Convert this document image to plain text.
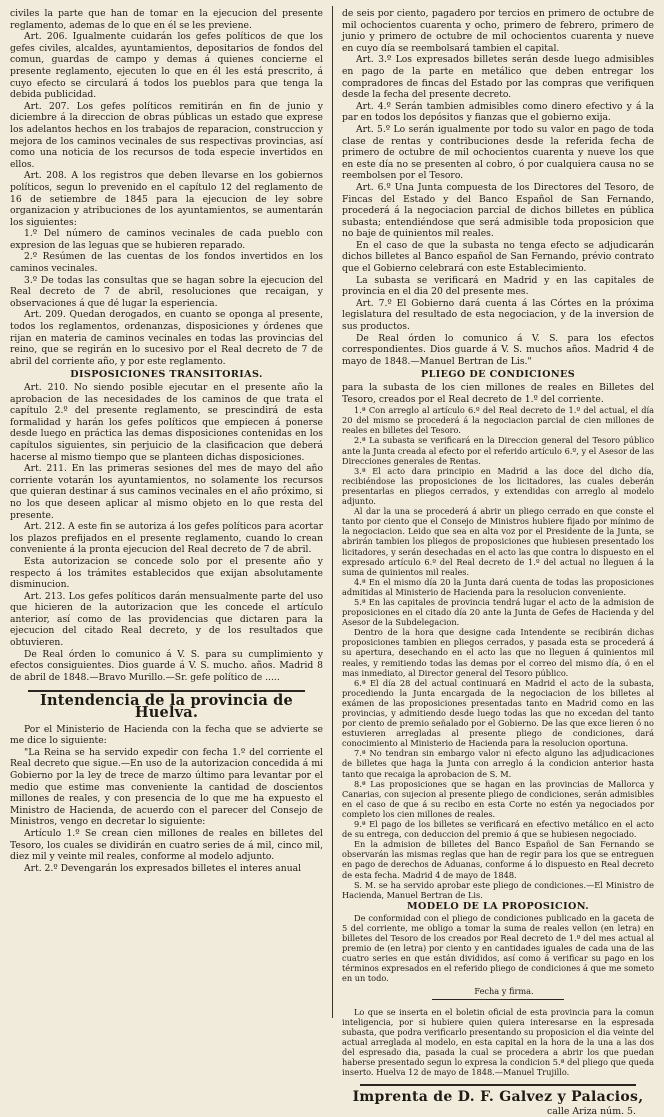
civiles la parte que han de tomar en la ejecucion del presente reglamento, ademas de lo que en él se les previene.

Art. 206. Igualmente cuidarán los gefes políticos de que los gefes civiles, alcaldes, ayuntamientos, depositarios de fondos del comun, guardas de campo y demas á quienes concierne el presente reglamento, ejecuten lo que en él les está prescrito, á cuyo efecto se circulará á todos los pueblos para que tenga la debida publicidad.

Art. 207. Los gefes políticos remitirán en fin de junio y diciembre á la direccion de obras públicas un estado que exprese los adelantos hechos en los trabajos de reparacion, construccion y mejora de los caminos vecinales de sus respectivas provincias, así como una noticia de los recursos de toda especie invertidos en ellos.

Art. 208. A los registros que deben llevarse en los gobiernos políticos, segun lo prevenido en el capítulo 12 del reglamento de 16 de setiembre de 1845 para la ejecucion de ley sobre organizacion y atribuciones de los ayuntamientos, se aumentarán los siguientes:

1.º Del número de caminos vecinales de cada pueblo con expresion de las leguas que se hubieren reparado.

2.º Resúmen de las cuentas de los fondos invertidos en los caminos vecinales.

3.º De todas las consultas que se hagan sobre la ejecucion del Real decreto de 7 de abril, resoluciones que recaigan, y observaciones á que dé lugar la esperiencia.

Art. 209. Quedan derogados, en cuanto se oponga al presente, todos los reglamentos, ordenanzas, disposiciones y órdenes que rijan en materia de caminos vecinales en todas las provincias del reino, que se regirán en lo sucesivo por el Real decreto de 7 de abril del corriente año, y por este reglamento.

DISPOSICIONES TRANSITORIAS.

Art. 210. No siendo posible ejecutar en el presente año la aprobacion de las necesidades de los caminos de que trata el capítulo 2.º del presente reglamento, se prescindirá de esta formalidad y harán los gefes políticos que empiecen á ponerse desde luego en práctica las demas disposiciones contenidas en los capítulos siguientes, sin perjuicio de la clasificacion que deberá hacerse al mismo tiempo que se planteen dichas disposiciones.

Art. 211. En las primeras sesiones del mes de mayo del año corriente votarán los ayuntamientos, no solamente los recursos que quieran destinar á sus caminos vecinales en el año próximo, si no los que deseen aplicar al mismo objeto en lo que resta del presente.

Art. 212. A este fin se autoriza á los gefes políticos para acortar los plazos prefijados en el presente reglamento, cuando lo crean conveniente á la pronta ejecucion del Real decreto de 7 de abril.

Esta autorizacion se concede solo por el presente año y respecto á los trámites establecidos que exijan absolutamente disminucion.

Art. 213. Los gefes políticos darán mensualmente parte del uso que hicieren de la autorizacion que les concede el artículo anterior, así como de las providencias que dictaren para la ejecucion del citado Real decreto, y de los resultados que obtuvieren.

De Real órden lo comunico á V. S. para su cumplimiento y efectos consiguientes. Dios guarde á V. S. mucho. años. Madrid 8 de abril de 1848.—Bravo Murillo.—Sr. gefe político de .....

Intendencia de la provincia de Huelva.

Por el Ministerio de Hacienda con la fecha que se advierte se me dice lo siguiente:

"La Reina se ha servido expedir con fecha 1.º del corriente el Real decreto que sigue.—En uso de la autorizacion concedida á mi Gobierno por la ley de trece de marzo último para levantar por el medio que estime mas conveniente la cantidad de doscientos millones de reales, y con presencia de lo que me ha expuesto el Ministro de Hacienda, de acuerdo con el parecer del Consejo de Ministros, vengo en decretar lo siguiente:

Artículo 1.º Se crean cien millones de reales en billetes del Tesoro, los cuales se dividirán en cuatro series de á mil, cinco mil, diez mil y veinte mil reales, conforme al modelo adjunto.

Art. 2.º Devengarán los expresados billetes el interes anual

de seis por ciento, pagadero por tercios en primero de octubre de mil ochocientos cuarenta y ocho, primero de febrero, primero de junio y primero de octubre de mil ochocientos cuarenta y nueve en cuyo día se reembolsará tambien el capital.

Art. 3.º Los expresados billetes serán desde luego admisibles en pago de la parte en metálico que deben entregar los compradores de fincas del Estado por las compras que verifiquen desde la fecha del presente decreto.

Art. 4.º Serán tambien admisibles como dinero efectivo y á la par en todos los depósitos y fianzas que el gobierno exija.

Art. 5.º Lo serán igualmente por todo su valor en pago de toda clase de rentas y contribuciones desde la referida fecha de primero de octubre de mil ochocientos cuarenta y nueve los que en este día no se presenten al cobro, ó por cualquiera causa no se reembolsen por el Tesoro.

Art. 6.º Una Junta compuesta de los Directores del Tesoro, de Fincas del Estado y del Banco Español de San Fernando, procederá á la negociacion parcial de dichos billetes en pública subasta; entendiéndose que será admisible toda proposicion que no baje de quinientos mil reales.

En el caso de que la subasta no tenga efecto se adjudicarán dichos billetes al Banco español de San Fernando, prévio contrato que el Gobierno celebrará con este Establecimiento.

La subasta se verificará en Madrid y en las capitales de provincia en el dia 20 del presente mes.

Art. 7.º El Gobierno dará cuenta á las Córtes en la próxima legislatura del resultado de esta negociacion, y de la inversion de sus productos.

De Real órden lo comunico á V. S. para los efectos correspondientes. Dios guarde á V. S. muchos años. Madrid 4 de mayo de 1848.—Manuel Bertran de Lis."

PLIEGO DE CONDICIONES

para la subasta de los cien millones de reales en Billetes del Tesoro, creados por el Real decreto de 1.º del corriente.

1.ª Con arreglo al artículo 6.º del Real decreto de 1.º del actual, el día 20 del mismo se procederá á la negociacion parcial de cien millones de reales en billetes del Tesoro.

2.ª La subasta se verificará en la Direccion general del Tesoro público ante la Junta creada al efecto por el referido artículo 6.º, y el Asesor de las Direcciones generales de Rentas.

3.ª El acto dara principio en Madrid a las doce del dicho día, recibiéndose las proposiciones de los licitadores, las cuales deberán presentarlas en pliegos cerrados, y extendidas con arreglo al modelo adjunto.

Al dar la una se procederá á abrir un pliego cerrado en que conste el tanto por ciento que el Consejo de Ministros hubiere fijado por mínimo de la negociacion. Leido que sea en alta voz por el Presidente de la Junta, se abrirán tambien los pliegos de proposiciones que hubiesen presentado los licitadores, y serán desechadas en el acto las que contra lo dispuesto en el expresado artículo 6.º del Real decreto de 1.º del actual no lleguen á la suma de quinientos mil reales.

4.ª En el mismo día 20 la Junta dará cuenta de todas las proposiciones admitidas al Ministerio de Hacienda para la resolucion conveniente.

5.ª En las capitales de provincia tendrá lugar el acto de la admision de proposiciones en el citado día 20 ante la Junta de Gefes de Hacienda y del Asesor de la Subdelegacion.

Dentro de la hora que designe cada Intendente se recibirán dichas proposiciones tambien en pliegos cerrados, y pasada esta se procederá á su apertura, desechando en el acto las que no lleguen á quinientos mil reales, y remitiendo todas las demas por el correo del mismo día, ó en el mas inmediato, al Director general del Tesoro público.

6.ª El día 28 del actual continuará en Madrid el acto de la subasta, procediendo la Junta encargada de la negociacion de los billetes al exámen de las proposiciones presentadas tanto en Madrid como en las provincias, y admitiendo desde luego todas las que no excedan del tanto por ciento de premio señalado por el Gobierno. De las que exce lieren ó no estuvieren arregladas al presente pliego de condiciones, dará conocimiento al Ministerio de Hacienda para la resolucion oportuna.

7.ª No tendran sin embargo valor ni efecto alguno las adjudicaciones de billetes que haga la Junta con arreglo á la condicion anterior hasta tanto que recaiga la aprobacion de S. M.

8.ª Las proposiciones que se hagan en las provincias de Mallorca y Canarias, con sujecion al presente pliego de condiciones, serán admisibles en el caso de que á su recibo en esta Corte no estén ya negociados por completo los cien millones de reales.

9.ª El pago de los billetes se verificará en efectivo metálico en el acto de su entrega, con deduccion del premio á que se hubiesen negociado.

En la admision de billetes del Banco Español de San Fernando se observarán las mismas reglas que han de regir para los que se entreguen en pago de derechos de Aduanas, conforme á lo dispuesto en Real decreto de esta fecha. Madrid 4 de mayo de 1848.

S. M. se ha servido aprobar este pliego de condiciones.—El Ministro de Hacienda, Manuel Bertran de Lis.

MODELO DE LA PROPOSICION.

De conformidad con el pliego de condiciones publicado en la gaceta de 5 del corriente, me obligo a tomar la suma de reales vellon (en letra) en billetes del Tesoro de los creados por Real decreto de 1.º del mes actual al premio de (en letra) por ciento y en cantidades iguales de cada una de las cuatro series en que están divididos, así como á verificar su pago en los términos expresados en el referido pliego de condiciones á que me someto en un todo.

Fecha y firma.

Lo que se inserta en el boletin oficial de esta provincia para la comun inteligencia, por si hubiere quien quiera interesarse en la espresada subasta, que podra verificarlo presentando su proposicion el dia veinte del actual arreglada al modelo, en esta capital en la hora de la una a las dos del espresado dia, pasada la cual se procedera a abrir los que puedan haberse presentado segun lo expresa la condicion 5.ª del pliego que queda inserto. Huelva 12 de mayo de 1848.—Manuel Trujillo.

Imprenta de D. F. Galvez y Palacios,
calle Ariza núm. 5.
